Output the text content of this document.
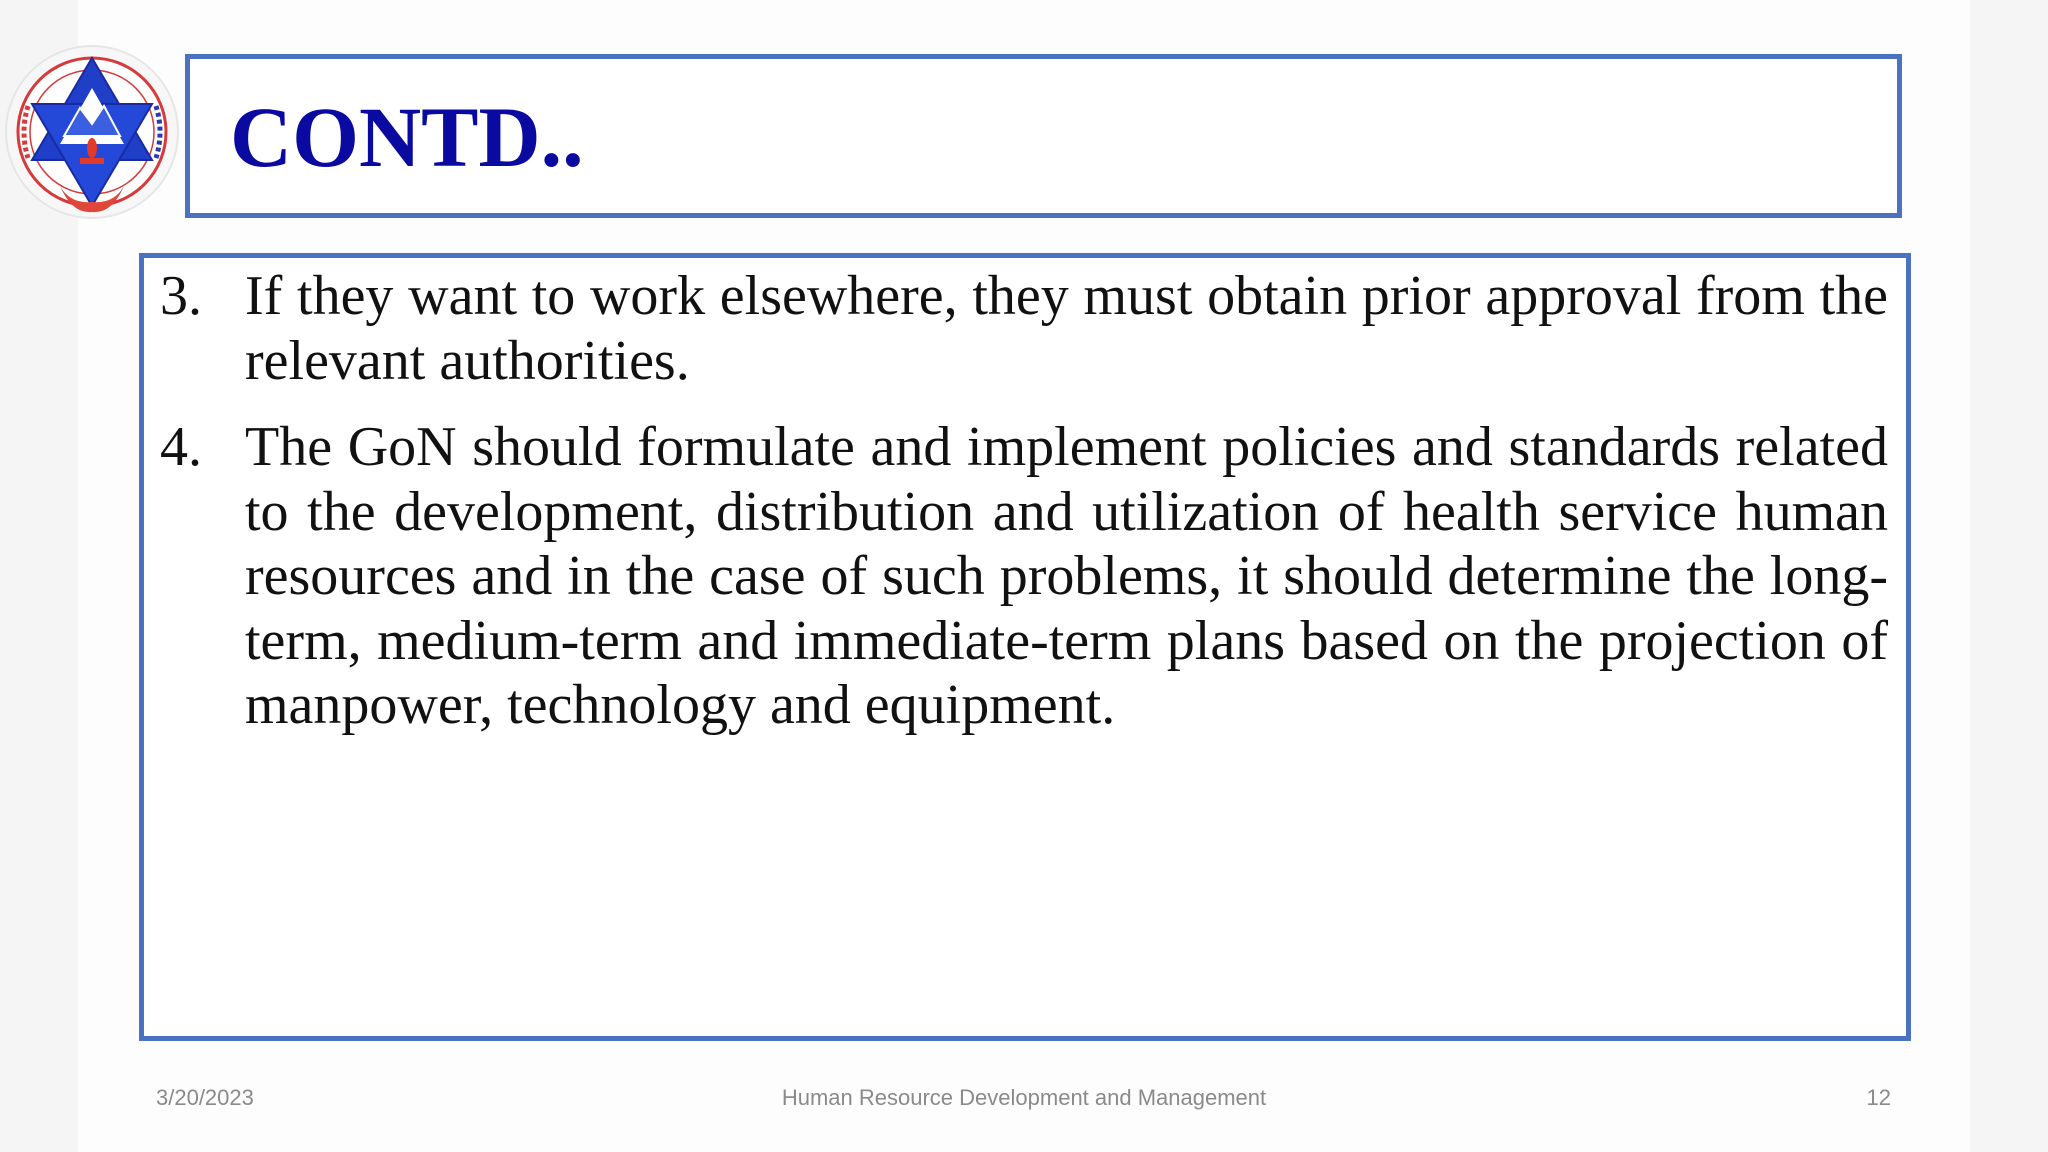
CONTD..
3. If they want to work elsewhere, they must obtain prior approval from the relevant authorities.
4. The GoN should formulate and implement policies and standards related to the development, distribution and utilization of health service human resources and in the case of such problems, it should determine the long-term, medium-term and immediate-term plans based on the projection of manpower, technology and equipment.
3/20/2023	Human Resource Development and Management	12
